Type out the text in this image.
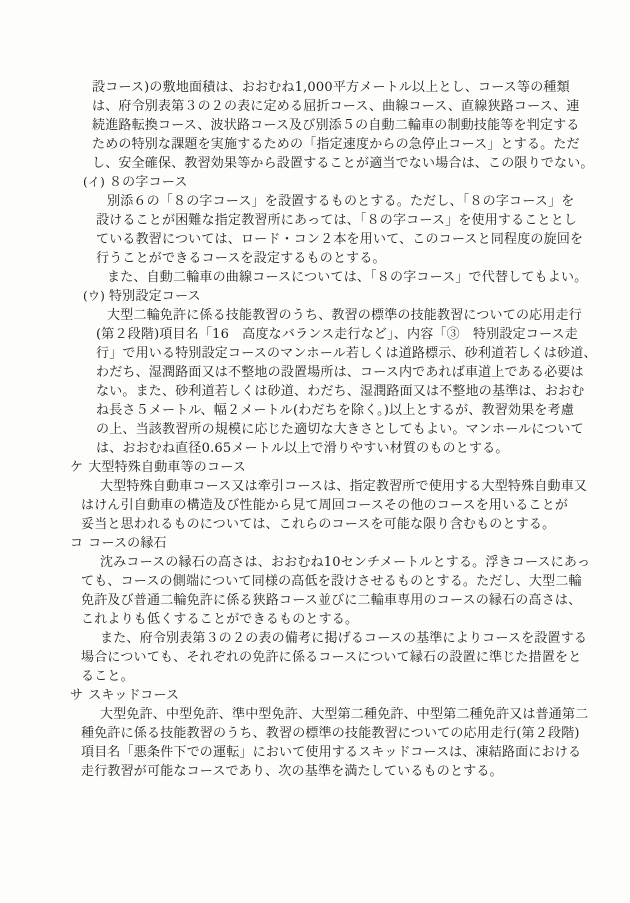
設コース)の敷地面積は、おおむね1,000平方メートル以上とし、コース等の種類
は、府令別表第３の２の表に定める屈折コース、曲線コース、直線狭路コース、連
続進路転換コース、波状路コース及び別添５の自動二輪車の制動技能等を判定する
ための特別な課題を実施するための「指定速度からの急停止コース」とする。ただ
し、安全確保、教習効果等から設置することが適当でない場合は、この限りでない。
(イ) ８の字コース
別添６の「８の字コース」を設置するものとする。ただし、「８の字コース」を
設けることが困難な指定教習所にあっては、「８の字コース」を使用することとし
ている教習については、ロード・コン２本を用いて、このコースと同程度の旋回を
行うことができるコースを設定するものとする。
また、自動二輪車の曲線コースについては、「８の字コース」で代替してもよい。
(ウ) 特別設定コース
大型二輪免許に係る技能教習のうち、教習の標準の技能教習についての応用走行
(第２段階)項目名「16　高度なバランス走行など」、内容「③　特別設定コース走
行」で用いる特別設定コースのマンホール若しくは道路標示、砂利道若しくは砂道、
わだち、湿潤路面又は不整地の設置場所は、コース内であれば車道上である必要は
ない。また、砂利道若しくは砂道、わだち、湿潤路面又は不整地の基準は、おおむ
ね長さ５メートル、幅２メートル(わだちを除く。)以上とするが、教習効果を考慮
の上、当該教習所の規模に応じた適切な大きさとしてもよい。マンホールについて
は、おおむね直径0.65メートル以上で滑りやすい材質のものとする。
ケ 大型特殊自動車等のコース
大型特殊自動車コース又は牽引コースは、指定教習所で使用する大型特殊自動車又
はけん引自動車の構造及び性能から見て周回コースその他のコースを用いることが
妥当と思われるものについては、これらのコースを可能な限り含むものとする。
コ コースの縁石
沈みコースの縁石の高さは、おおむね10センチメートルとする。浮きコースにあっ
ても、コースの側端について同様の高低を設けさせるものとする。ただし、大型二輪
免許及び普通二輪免許に係る狭路コース並びに二輪車専用のコースの縁石の高さは、
これよりも低くすることができるものとする。
また、府令別表第３の２の表の備考に掲げるコースの基準によりコースを設置する
場合についても、それぞれの免許に係るコースについて縁石の設置に準じた措置をと
ること。
サ スキッドコース
大型免許、中型免許、準中型免許、大型第二種免許、中型第二種免許又は普通第二
種免許に係る技能教習のうち、教習の標準の技能教習についての応用走行(第２段階)
項目名「悪条件下での運転」において使用するスキッドコースは、凍結路面における
走行教習が可能なコースであり、次の基準を満たしているものとする。
